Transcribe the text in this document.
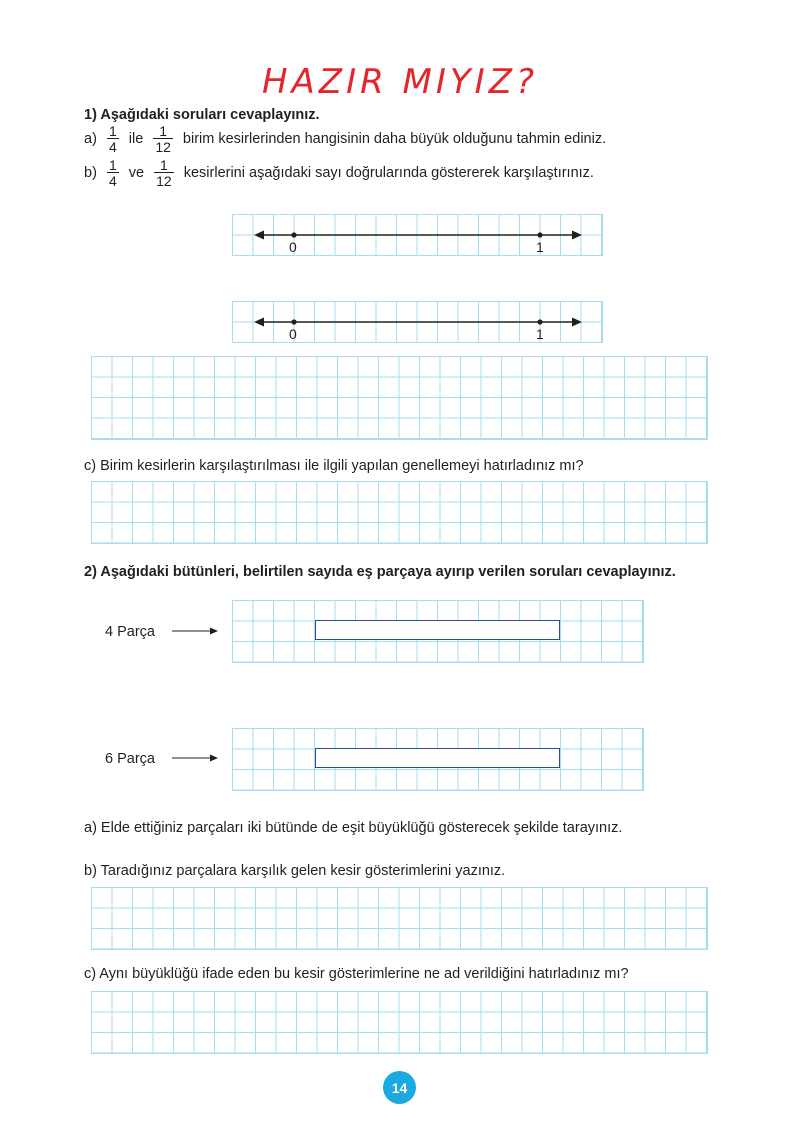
HAZIR MIYIZ?
1) Aşağıdaki soruları cevaplayınız.
$a) \frac{1}{4}$ ile $\frac{1}{12}$ birim kesirlerinden hangisinin daha büyük olduğunu tahmin ediniz.
$b) \frac{1}{4}$ ve $\frac{1}{12}$ kesirlerini aşağıdaki sayı doğrularında göstererek karşılaştırınız.
0	1
0	1
c) Birim kesirlerin karşılaştırılması ile ilgili yapılan genellemeyi hatırladınız mı?
2) Aşağıdaki bütünleri, belirtilen sayıda eş parçaya ayırıp verilen soruları cevaplayınız.
4 Parça
6 Parça
a) Elde ettiğiniz parçaları iki bütünde de eşit büyüklüğü gösterecek şekilde tarayınız.
b) Taradığınız parçalara karşılık gelen kesir gösterimlerini yazınız.
c) Aynı büyüklüğü ifade eden bu kesir gösterimlerine ne ad verildiğini hatırladınız mı?
14
